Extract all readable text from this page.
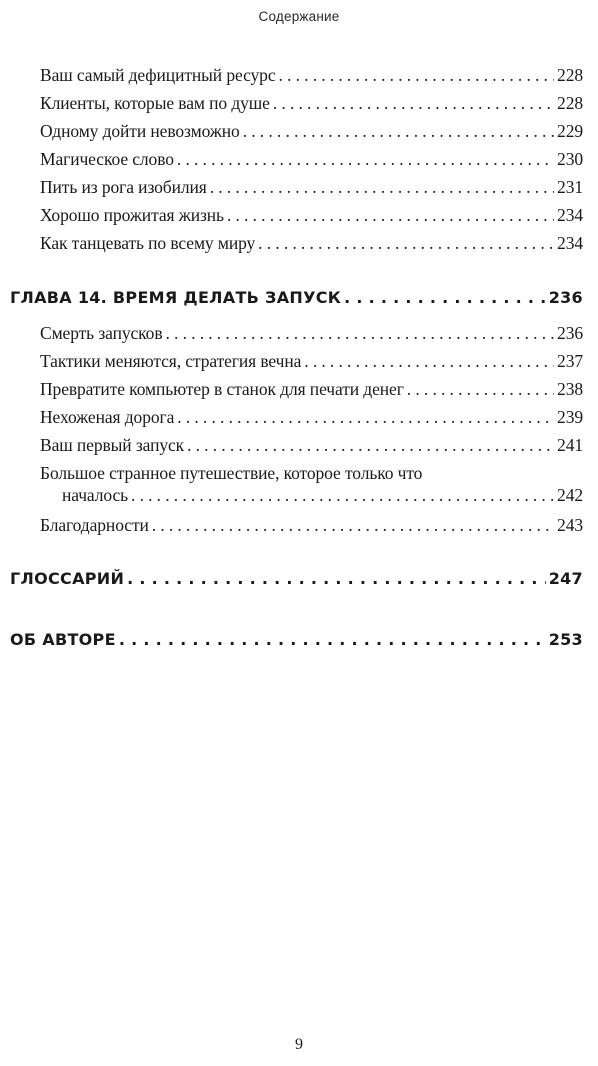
Содержание
Ваш самый дефицитный ресурс . . .	228
Клиенты, которые вам по душе . . .	228
Одному дойти невозможно . . .	229
Магическое слово . . .	230
Пить из рога изобилия . . .	231
Хорошо прожитая жизнь . . .	234
Как танцевать по всему миру . . .	234
ГЛАВА 14. ВРЕМЯ ДЕЛАТЬ ЗАПУСК . . .	236
Смерть запусков . . .	236
Тактики меняются, стратегия вечна . . .	237
Превратите компьютер в станок для печати денег . . .	238
Нехоженая дорога . . .	239
Ваш первый запуск . . .	241
Большое странное путешествие, которое только что
началось . . .	242
Благодарности . . .	243
ГЛОССАРИЙ . . .	247
ОБ АВТОРЕ . . .	253
9
